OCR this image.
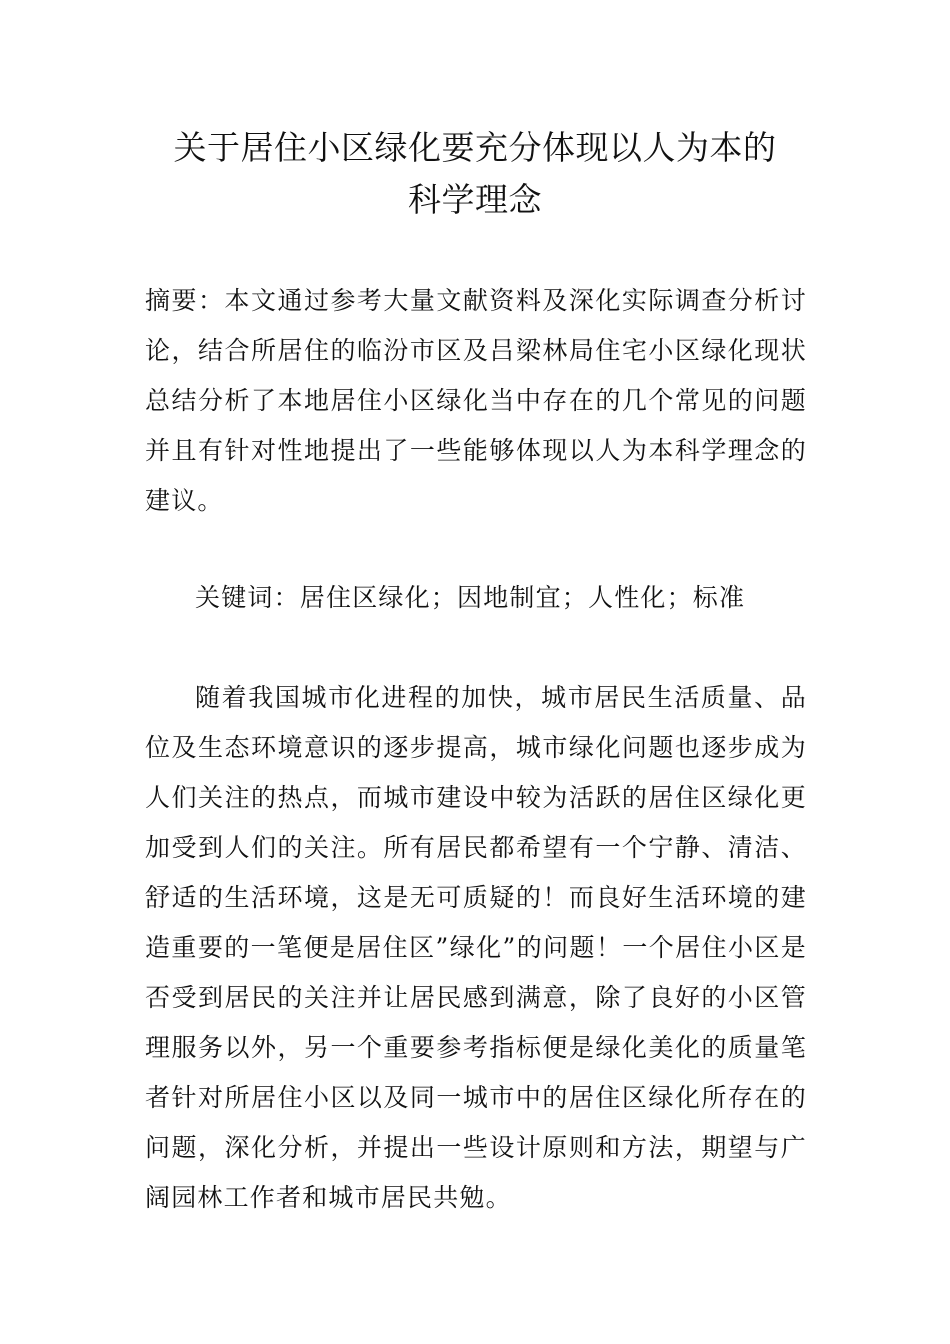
关于居住小区绿化要充分体现以人为本的
科学理念
摘要：本文通过参考大量文献资料及深化实际调查分析讨论，结合所居住的临汾市区及吕梁林局住宅小区绿化现状总结分析了本地居住小区绿化当中存在的几个常见的问题并且有针对性地提出了一些能够体现以人为本科学理念的建议。
关键词：居住区绿化；因地制宜；人性化；标准
随着我国城市化进程的加快，城市居民生活质量、品位及生态环境意识的逐步提高，城市绿化问题也逐步成为人们关注的热点，而城市建设中较为活跃的居住区绿化更加受到人们的关注。所有居民都希望有一个宁静、清洁、舒适的生活环境，这是无可质疑的！而良好生活环境的建造重要的一笔便是居住区”绿化”的问题！一个居住小区是否受到居民的关注并让居民感到满意，除了良好的小区管理服务以外，另一个重要参考指标便是绿化美化的质量笔者针对所居住小区以及同一城市中的居住区绿化所存在的问题，深化分析，并提出一些设计原则和方法，期望与广阔园林工作者和城市居民共勉。
